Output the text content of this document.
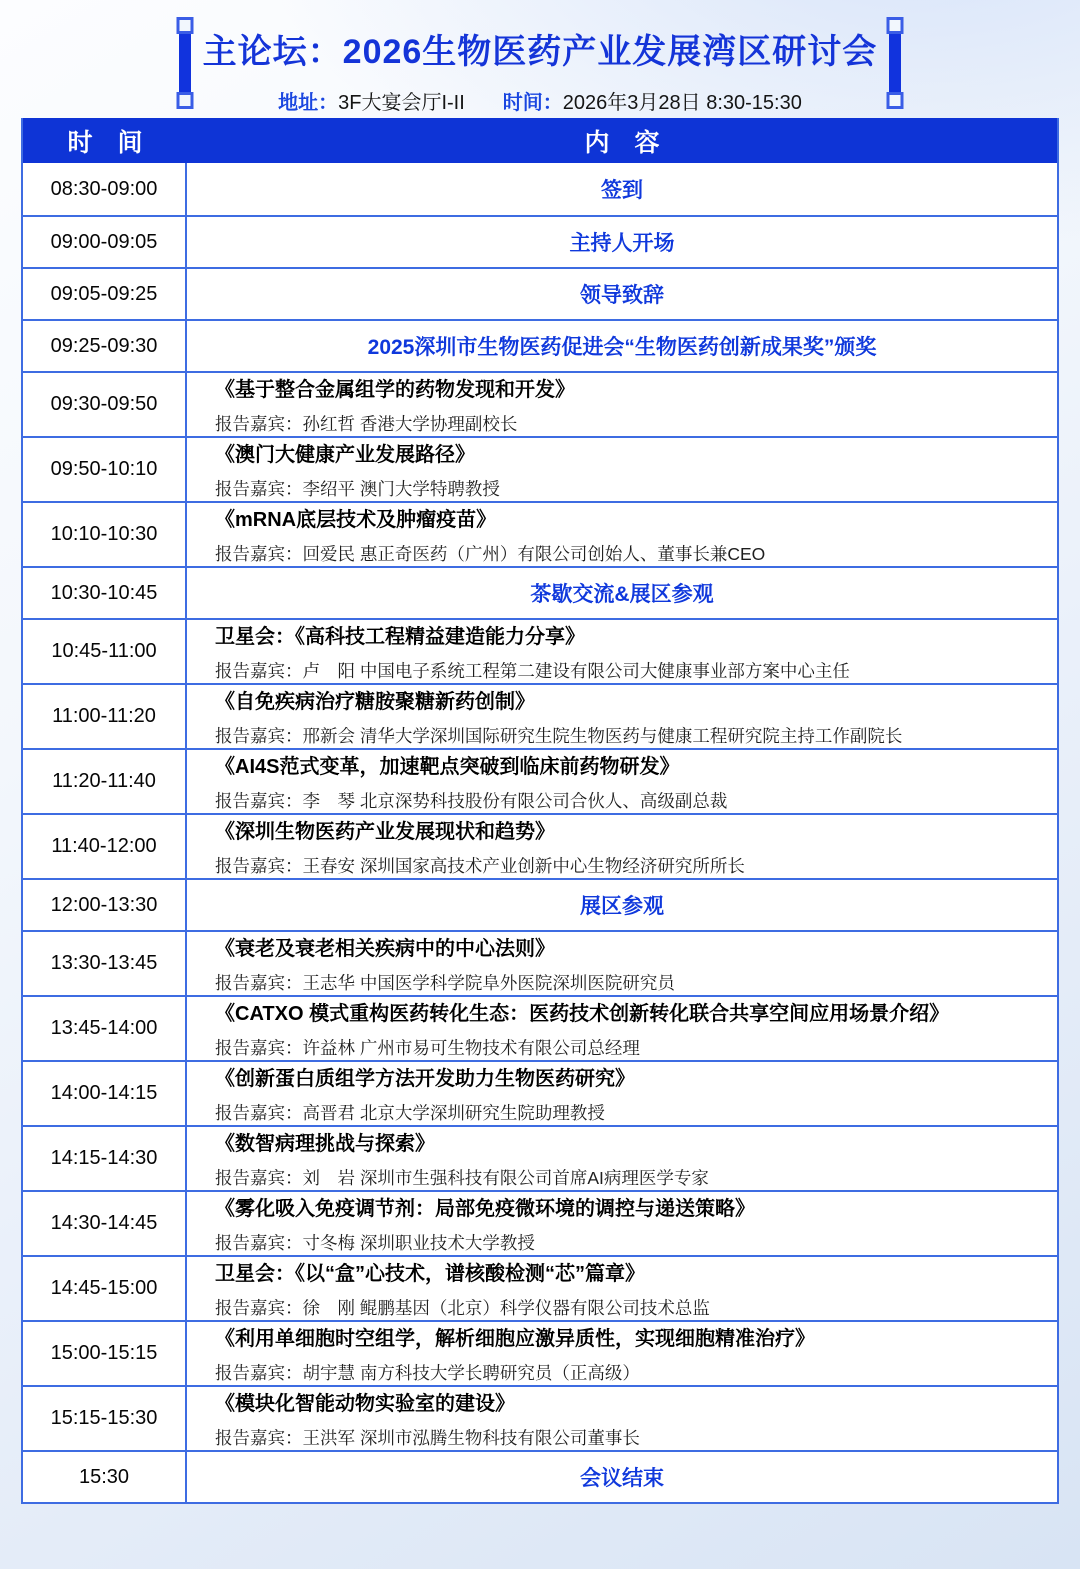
主论坛：2026生物医药产业发展湾区研讨会
地址：3F大宴会厅I-II 时间：2026年3月28日 8:30-15:30
时　间	内　容
08:30-09:00	签到
09:00-09:05	主持人开场
09:05-09:25	领导致辞
09:25-09:30	2025深圳市生物医药促进会“生物医药创新成果奖”颁奖
09:30-09:50
《基于整合金属组学的药物发现和开发》
报告嘉宾：孙红哲 香港大学协理副校长
09:50-10:10
《澳门大健康产业发展路径》
报告嘉宾：李绍平 澳门大学特聘教授
10:10-10:30
《mRNA底层技术及肿瘤疫苗》
报告嘉宾：回爱民 惠正奇医药（广州）有限公司创始人、董事长兼CEO
10:30-10:45	茶歇交流&展区参观
10:45-11:00
卫星会：《高科技工程精益建造能力分享》
报告嘉宾：卢　阳 中国电子系统工程第二建设有限公司大健康事业部方案中心主任
11:00-11:20
《自免疾病治疗糖胺聚糖新药创制》
报告嘉宾：邢新会 清华大学深圳国际研究生院生物医药与健康工程研究院主持工作副院长
11:20-11:40
《AI4S范式变革，加速靶点突破到临床前药物研发》
报告嘉宾：李　琴 北京深势科技股份有限公司合伙人、高级副总裁
11:40-12:00
《深圳生物医药产业发展现状和趋势》
报告嘉宾：王春安 深圳国家高技术产业创新中心生物经济研究所所长
12:00-13:30	展区参观
13:30-13:45
《衰老及衰老相关疾病中的中心法则》
报告嘉宾：王志华 中国医学科学院阜外医院深圳医院研究员
13:45-14:00
《CATXO 模式重构医药转化生态：医药技术创新转化联合共享空间应用场景介绍》
报告嘉宾：许益林 广州市易可生物技术有限公司总经理
14:00-14:15
《创新蛋白质组学方法开发助力生物医药研究》
报告嘉宾：高晋君 北京大学深圳研究生院助理教授
14:15-14:30
《数智病理挑战与探索》
报告嘉宾：刘　岩 深圳市生强科技有限公司首席AI病理医学专家
14:30-14:45
《雾化吸入免疫调节剂：局部免疫微环境的调控与递送策略》
报告嘉宾：寸冬梅 深圳职业技术大学教授
14:45-15:00
卫星会：《以“盒”心技术，谱核酸检测“芯”篇章》
报告嘉宾：徐　刚 鲲鹏基因（北京）科学仪器有限公司技术总监
15:00-15:15
《利用单细胞时空组学，解析细胞应激异质性，实现细胞精准治疗》
报告嘉宾：胡宇慧 南方科技大学长聘研究员（正高级）
15:15-15:30
《模块化智能动物实验室的建设》
报告嘉宾：王洪军 深圳市泓腾生物科技有限公司董事长
15:30	会议结束
